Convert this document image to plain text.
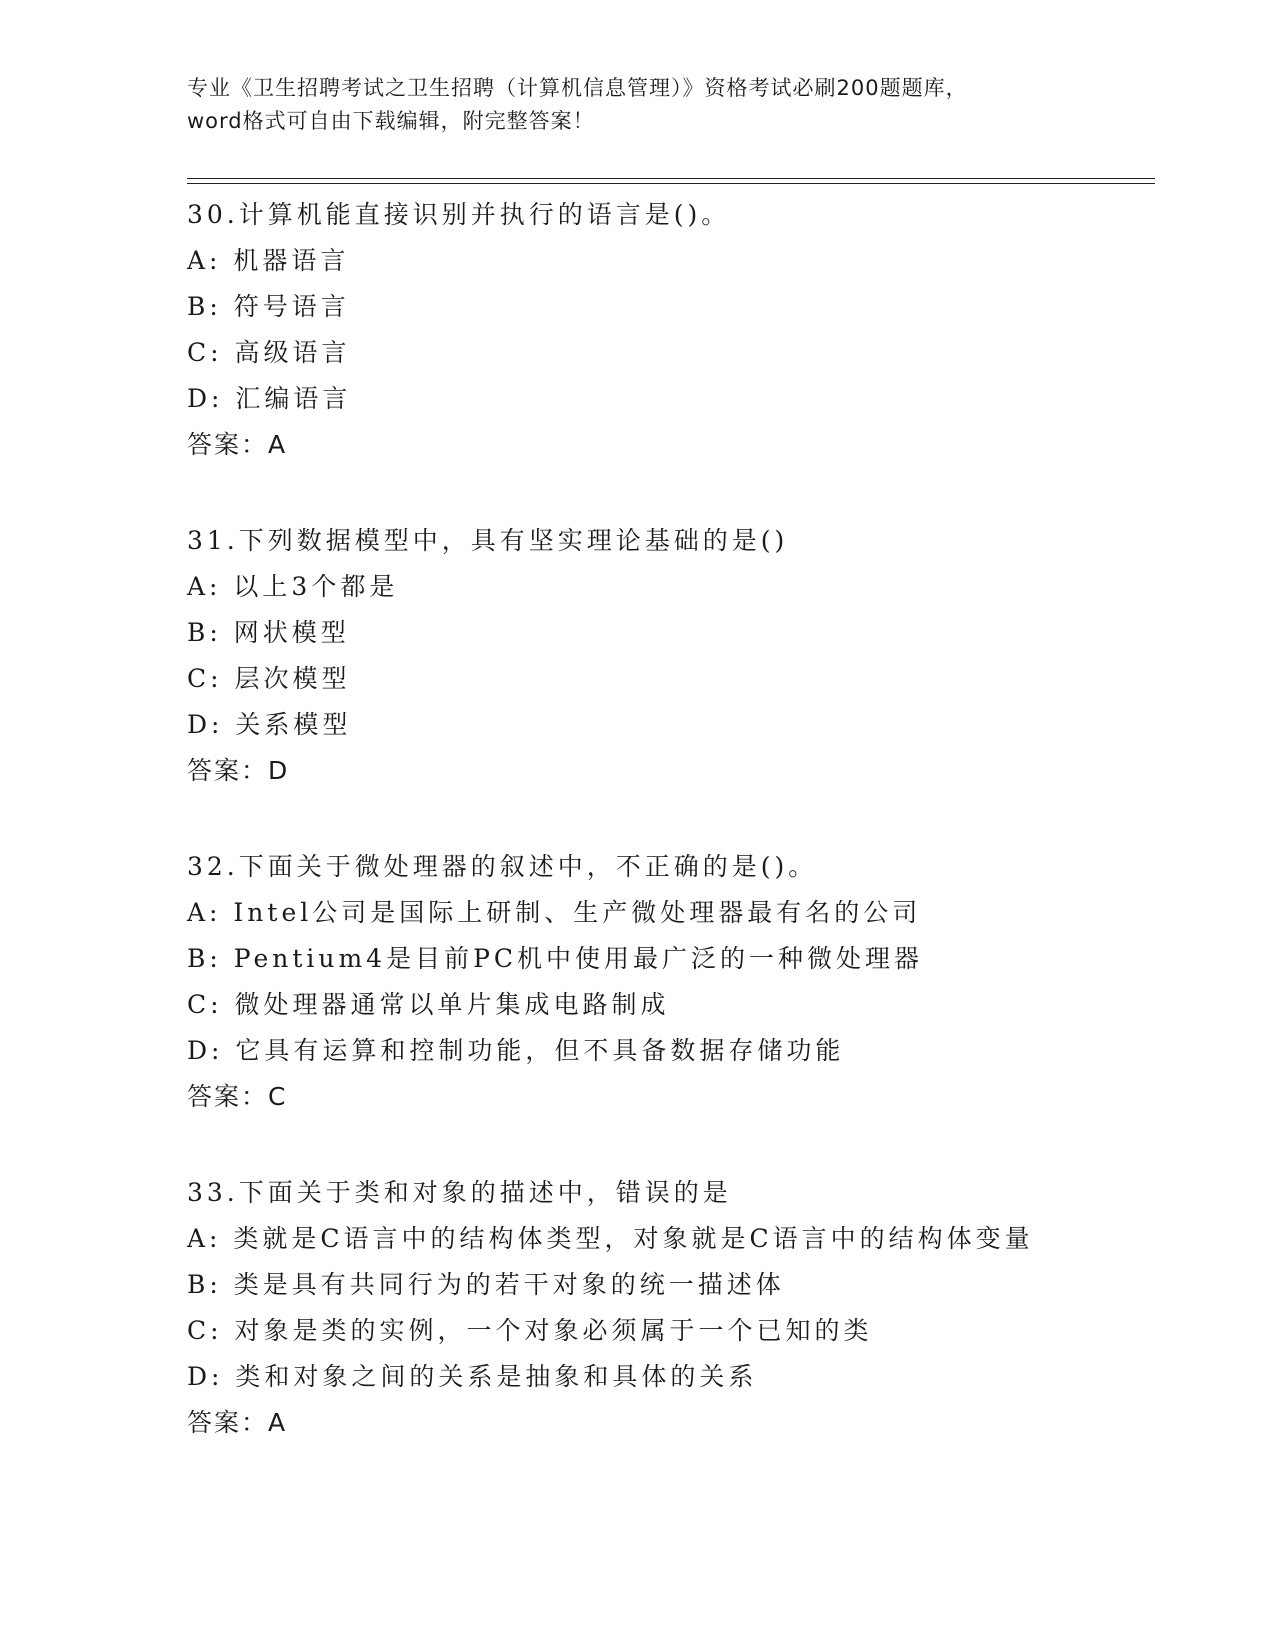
专业《卫生招聘考试之卫生招聘（计算机信息管理）》资格考试必刷200题题库，
word格式可自由下载编辑，附完整答案！
30.计算机能直接识别并执行的语言是()。
A: 机器语言
B: 符号语言
C: 高级语言
D: 汇编语言
答案：A
31.下列数据模型中，具有坚实理论基础的是()
A: 以上3个都是
B: 网状模型
C: 层次模型
D: 关系模型
答案：D
32.下面关于微处理器的叙述中，不正确的是()。
A: Intel公司是国际上研制、生产微处理器最有名的公司
B: Pentium4是目前PC机中使用最广泛的一种微处理器
C: 微处理器通常以单片集成电路制成
D: 它具有运算和控制功能，但不具备数据存储功能
答案：C
33.下面关于类和对象的描述中，错误的是
A: 类就是C语言中的结构体类型，对象就是C语言中的结构体变量
B: 类是具有共同行为的若干对象的统一描述体
C: 对象是类的实例，一个对象必须属于一个已知的类
D: 类和对象之间的关系是抽象和具体的关系
答案：A
